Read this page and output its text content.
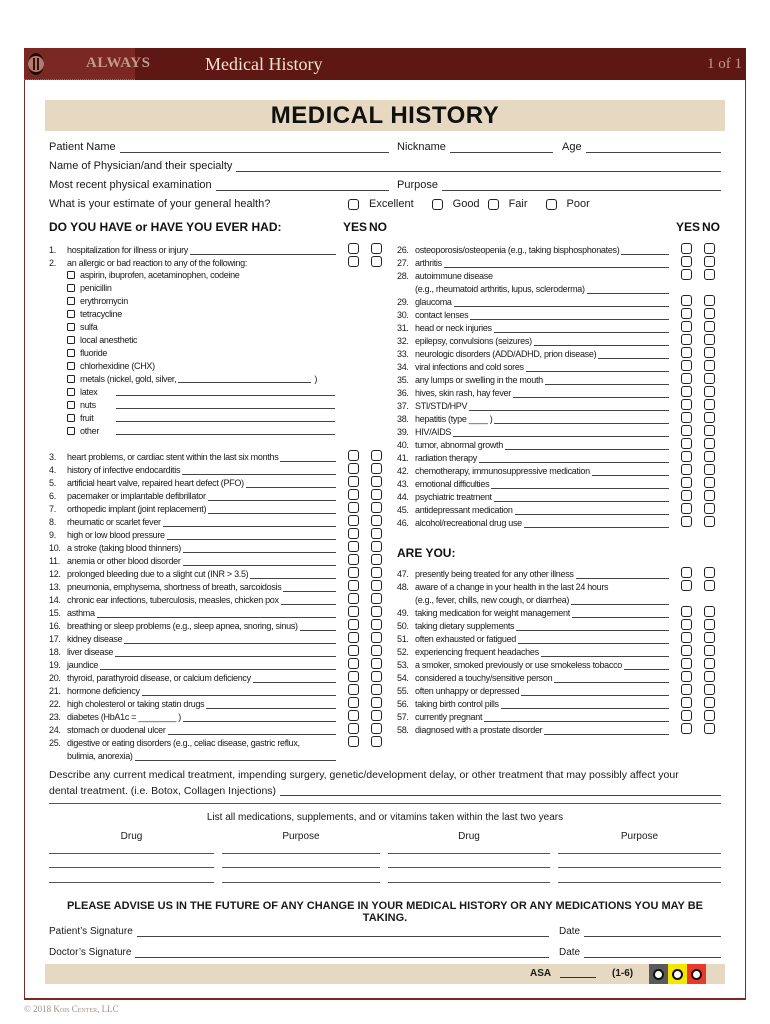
ALWAYS	Medical History	1 of 1
MEDICAL HISTORY
Patient Name	Nickname	Age
Name of Physician/and their specialty
Most recent physical examination	Purpose
What is your estimate of your general health?	Excellent	Good	Fair	Poor
DO YOU HAVE or HAVE YOU EVER HAD:	YES NO	YES NO
ARE YOU:
Describe any current medical treatment, impending surgery, genetic/development delay, or other treatment that may possibly affect your
dental treatment. (i.e. Botox, Collagen Injections)
List all medications, supplements, and or vitamins taken within the last two years
Drug	Purpose	Drug	Purpose
PLEASE ADVISE US IN THE FUTURE OF ANY CHANGE IN YOUR MEDICAL HISTORY OR ANY MEDICATIONS YOU MAY BE TAKING.
Patient’s Signature	Date
Doctor’s Signature	Date
ASA	(1-6)
© 2018 Kois Center, LLC
1.	hospitalization for illness or injury
2.	an allergic or bad reaction to any of the following:
aspirin, ibuprofen, acetaminophen, codeine
penicillin
erythromycin
tetracycline
sulfa
local anesthetic
fluoride
chlorhexidine (CHX)
metals (nickel, gold, silver,	)
latex
nuts
fruit
other
3.	heart problems, or cardiac stent within the last six months
4.	history of infective endocarditis
5.	artificial heart valve, repaired heart defect (PFO)
6.	pacemaker or implantable defibrillator
7.	orthopedic implant (joint replacement)
8.	rheumatic or scarlet fever
9.	high or low blood pressure
10. a stroke (taking blood thinners)
11. anemia or other blood disorder
12. prolonged bleeding due to a slight cut (INR > 3.5)
13. pneumonia, emphysema, shortness of breath, sarcoidosis
14. chronic ear infections, tuberculosis, measles, chicken pox
15. asthma
16. breathing or sleep problems (e.g., sleep apnea, snoring, sinus)
17. kidney disease
18. liver disease
19. jaundice
20. thyroid, parathyroid disease, or calcium deficiency
21. hormone deficiency
22. high cholesterol or taking statin drugs
23. diabetes (HbA1c = ________ )
24. stomach or duodenal ulcer
25. digestive or eating disorders (e.g., celiac disease, gastric reflux,
bulimia, anorexia)
26. osteoporosis/osteopenia (e.g., taking bisphosphonates)
27. arthritis
28. autoimmune disease
(e.g., rheumatoid arthritis, lupus, scleroderma)
29. glaucoma
30. contact lenses
31. head or neck injuries
32. epilepsy, convulsions (seizures)
33. neurologic disorders (ADD/ADHD, prion disease)
34. viral infections and cold sores
35. any lumps or swelling in the mouth
36. hives, skin rash, hay fever
37. STI/STD/HPV
38. hepatitis (type ____ )
39. HIV/AIDS
40. tumor, abnormal growth
41. radiation therapy
42. chemotherapy, immunosuppressive medication
43. emotional difficulties
44. psychiatric treatment
45. antidepressant medication
46. alcohol/recreational drug use
47. presently being treated for any other illness
48. aware of a change in your health in the last 24 hours
(e.g., fever, chills, new cough, or diarrhea)
49. taking medication for weight management
50. taking dietary supplements
51. often exhausted or fatigued
52. experiencing frequent headaches
53. a smoker, smoked previously or use smokeless tobacco
54. considered a touchy/sensitive person
55. often unhappy or depressed
56. taking birth control pills
57. currently pregnant
58. diagnosed with a prostate disorder
